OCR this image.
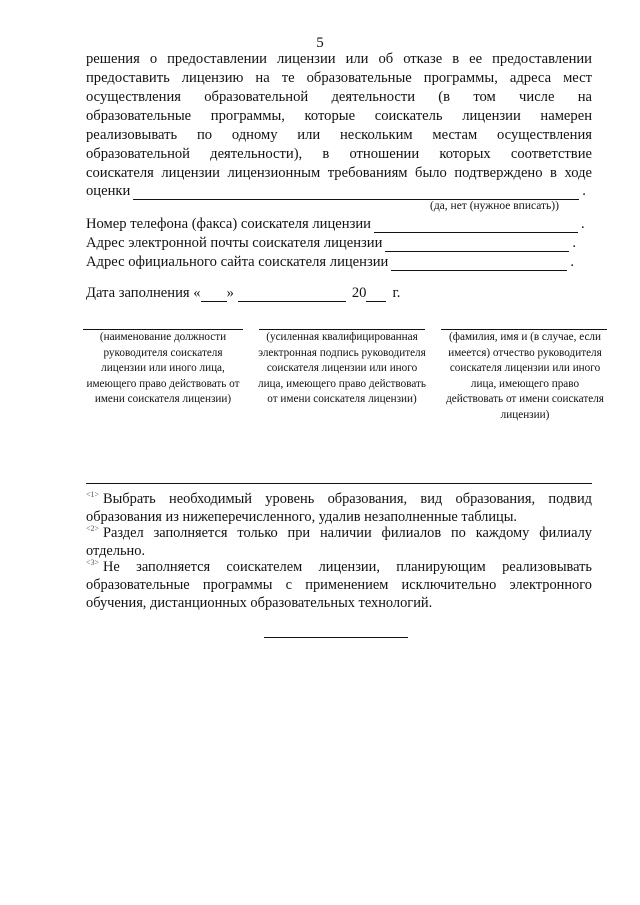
5
решения о предоставлении лицензии или об отказе в ее предоставлении
предоставить лицензию на те образовательные программы, адреса мест
осуществления образовательной деятельности (в том числе на
образовательные программы, которые соискатель лицензии намерен
реализовывать по одному или нескольким местам осуществления
образовательной деятельности), в отношении которых соответствие
соискателя лицензии лицензионным требованиям было подтверждено в ходе
оценки	.
(да, нет (нужное вписать))
Номер телефона (факса) соискателя лицензии	.
Адрес электронной почты соискателя лицензии	.
Адрес официального сайта соискателя лицензии	.
Дата заполнения « »	20 г.
(наименование должности руководителя соискателя лицензии или иного лица, имеющего право действовать от имени соискателя лицензии)
(усиленная квалифицированная электронная подпись руководителя соискателя лицензии или иного лица, имеющего право действовать от имени соискателя лицензии)
(фамилия, имя и (в случае, если имеется) отчество руководителя соискателя лицензии или иного лица, имеющего право действовать от имени соискателя лицензии)
$^{<1>}$ Выбрать необходимый уровень образования, вид образования, подвид
образования из нижеперечисленного, удалив незаполненные таблицы.
$^{<2>}$ Раздел заполняется только при наличии филиалов по каждому филиалу
отдельно.
$^{<3>}$ Не заполняется соискателем лицензии, планирующим реализовывать
образовательные программы с применением исключительно электронного
обучения, дистанционных образовательных технологий.
